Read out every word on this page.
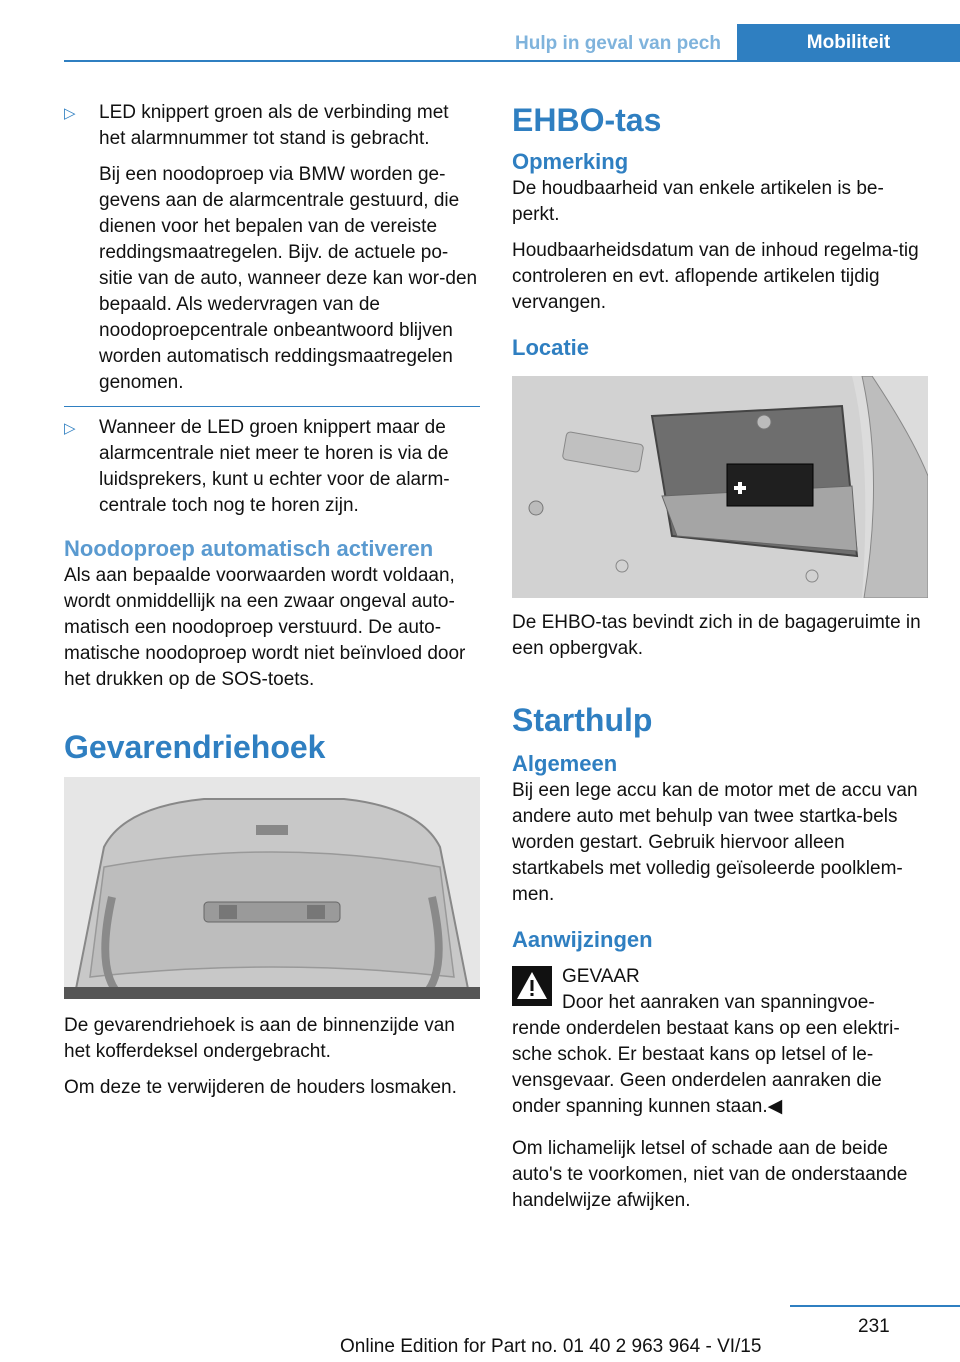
Hulp in geval van pech	Mobiliteit
▷ LED knippert groen als de verbinding met het alarmnummer tot stand is gebracht.

Bij een noodoproep via BMW worden ge‐gevens aan de alarmcentrale gestuurd, die dienen voor het bepalen van de vereiste reddingsmaatregelen. Bijv. de actuele po‐sitie van de auto, wanneer deze kan wor‐den bepaald. Als wedervragen van de noodoproepcentrale onbeantwoord blijven worden automatisch reddingsmaatregelen genomen.

▷ Wanneer de LED groen knippert maar de alarmcentrale niet meer te horen is via de luidsprekers, kunt u echter voor de alarm‐centrale toch nog te horen zijn.

Noodoproep automatisch activeren

Als aan bepaalde voorwaarden wordt voldaan, wordt onmiddellijk na een zwaar ongeval auto‐matisch een noodoproep verstuurd. De auto‐matische noodoproep wordt niet beïnvloed door het drukken op de SOS-toets.

Gevarendriehoek

De gevarendriehoek is aan de binnenzijde van het kofferdeksel ondergebracht.

Om deze te verwijderen de houders losmaken.

EHBO-tas
Opmerking

De houdbaarheid van enkele artikelen is be‐perkt.

Houdbaarheidsdatum van de inhoud regelma‐tig controleren en evt. aflopende artikelen tijdig vervangen.

Locatie

De EHBO-tas bevindt zich in de bagageruimte in een opbergvak.

Starthulp
Algemeen

Bij een lege accu kan de motor met de accu van andere auto met behulp van twee startka‐bels worden gestart. Gebruik hiervoor alleen startkabels met volledig geïsoleerde poolklem‐men.

Aanwijzingen

GEVAAR

Door het aanraken van spanningvoe‐

rende onderdelen bestaat kans op een elektri‐sche schok. Er bestaat kans op letsel of le‐vensgevaar. Geen onderdelen aanraken die onder spanning kunnen staan.◀

Om lichamelijk letsel of schade aan de beide auto's te voorkomen, niet van de onderstaande handelwijze afwijken.

231
Online Edition for Part no. 01 40 2 963 964 - VI/15
